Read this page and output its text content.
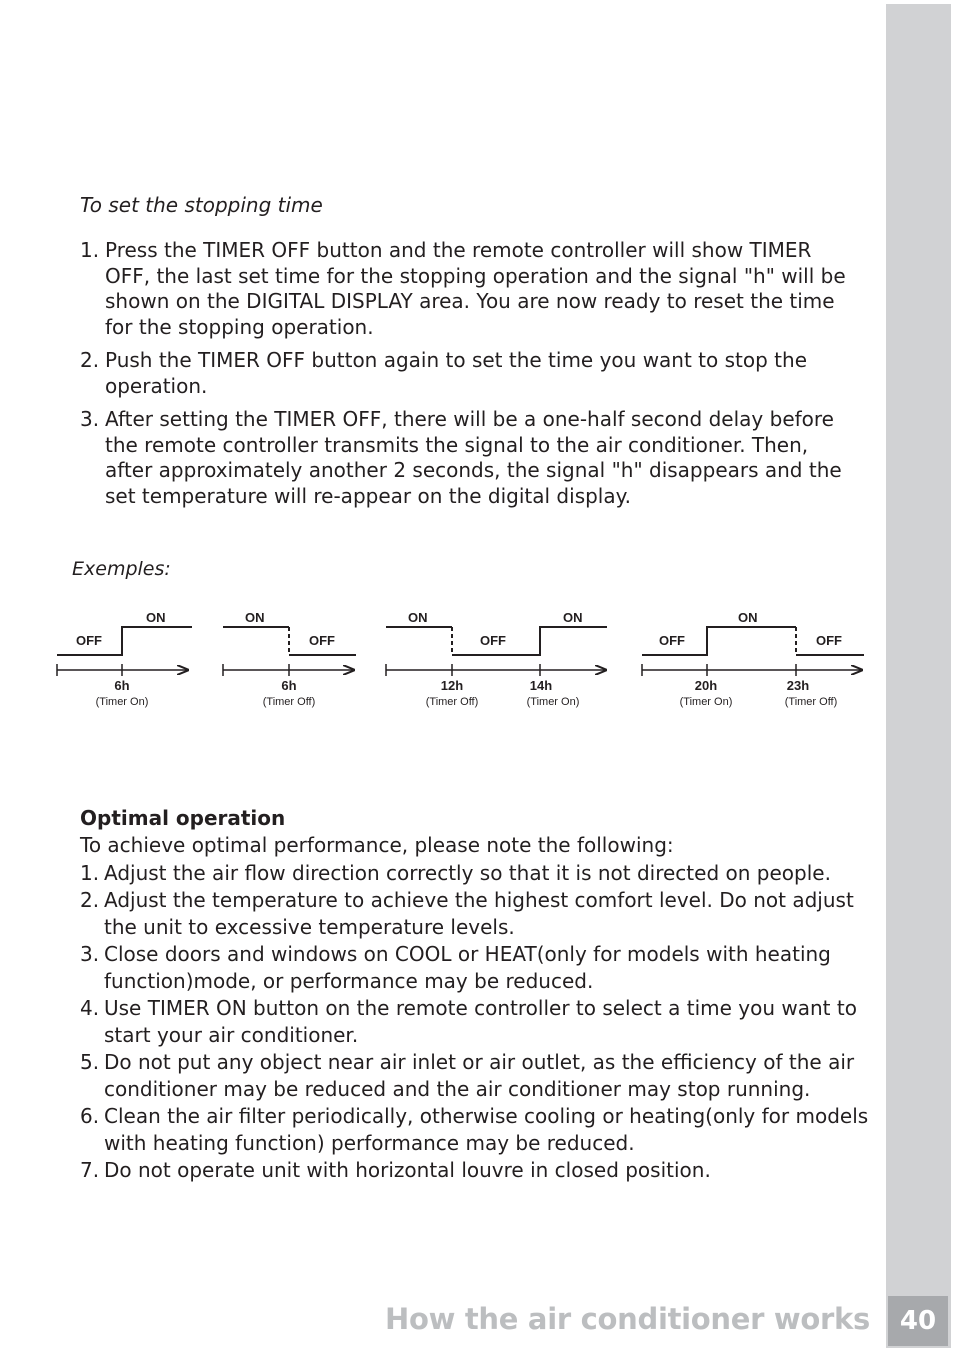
To set the stopping time
1. Press the TIMER OFF button and the remote controller will show TIMER OFF, the last set time for the stopping operation and the signal "h" will be shown on the DIGITAL DISPLAY area. You are now ready to reset the time for the stopping operation.
2. Push the TIMER OFF button again to set the time you want to stop the operation.
3. After setting the TIMER OFF, there will be a one-half second delay before the remote controller transmits the signal to the air conditioner. Then, after approximately another 2 seconds, the signal "h" disappears and the set temperature will re-appear on the digital display.
Exemples:
OFF
ON
6h
(Timer On)
ON
OFF
6h
(Timer Off)
ON
OFF
ON
12h
(Timer Off)
14h
(Timer On)
OFF
ON
OFF
20h
(Timer On)
23h
(Timer Off)
Optimal operation
To achieve optimal performance, please note the following:
1. Adjust the air flow direction correctly so that it is not directed on people.
2. Adjust the temperature to achieve the highest comfort level. Do not adjust the unit to excessive temperature levels.
3. Close doors and windows on COOL or HEAT(only for models with heating function)mode, or performance may be reduced.
4. Use TIMER ON button on the remote controller to select a time you want to start your air conditioner.
5. Do not put any object near air inlet or air outlet, as the efficiency of the air conditioner may be reduced and the air conditioner may stop running.
6. Clean the air filter periodically, otherwise cooling or heating(only for models with heating function) performance may be reduced.
7. Do not operate unit with horizontal louvre in closed position.
How the air conditioner works	40
